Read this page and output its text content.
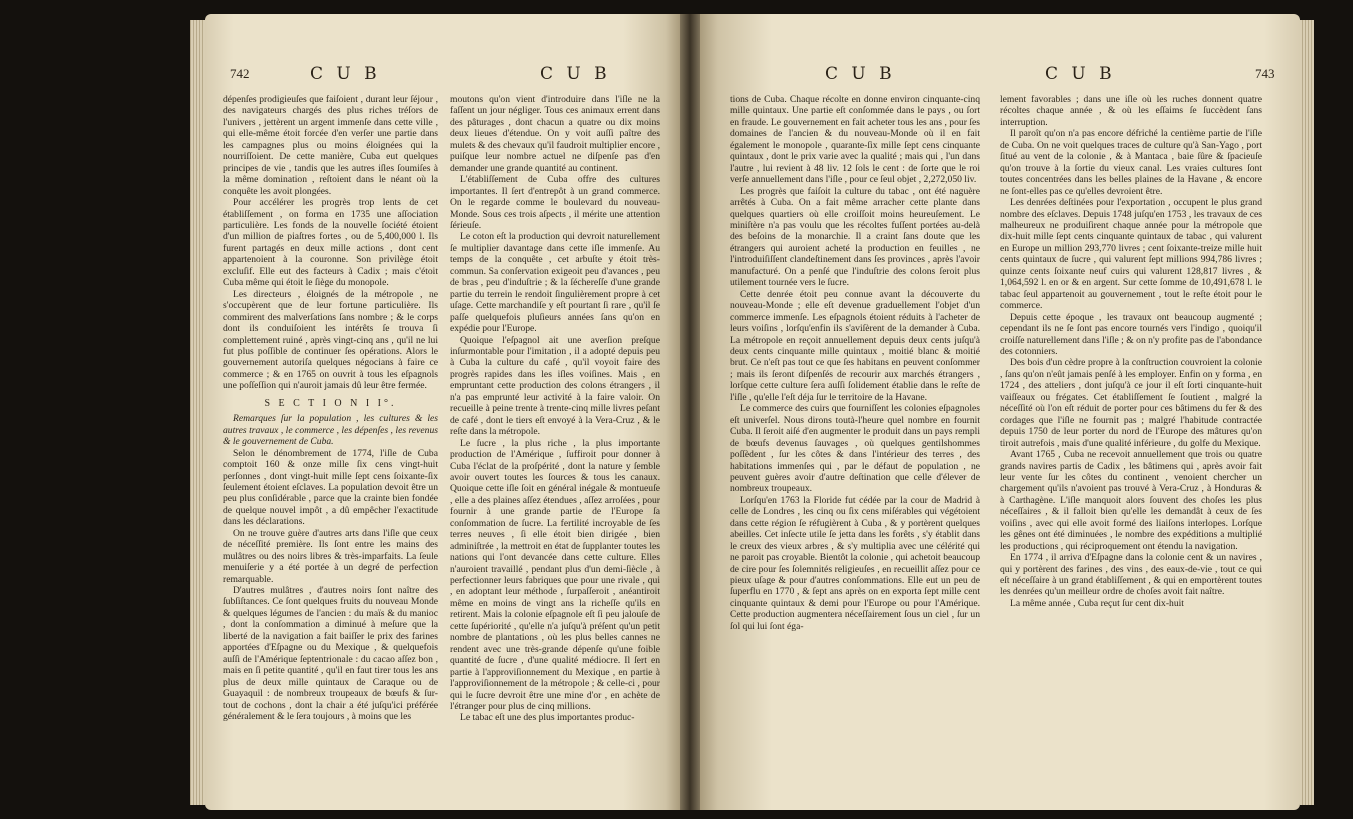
742	C U B	C U B

dépenſes prodigieuſes que faiſoient , durant leur ſéjour , des navigateurs chargés des plus riches tréſors de l'univers , jettèrent un argent immenſe dans cette ville , qui elle-même étoit forcée d'en verſer une partie dans les campagnes plus ou moins éloignées qui la nourriſſoient. De cette manière, Cuba eut quelques principes de vie , tandis que les autres iſles ſoumiſes à la même domination , reſtoient dans le néant où la conquête les avoit plongées.

Pour accélérer les progrès trop lents de cet établiſſement , on forma en 1735 une aſſociation particulière. Les fonds de la nouvelle ſociété étoient d'un million de piaſtres fortes , ou de 5,400,000 l. Ils furent partagés en deux mille actions , dont cent appartenoient à la couronne. Son privilège étoit excluſif. Elle eut des facteurs à Cadix ; mais c'étoit Cuba même qui étoit le ſiège du monopole.

Les directeurs , éloignés de la métropole , ne s'occupèrent que de leur fortune particulière. Ils commirent des malverſations ſans nombre ; & le corps dont ils conduiſoient les intérêts ſe trouva ſi complettement ruiné , après vingt-cinq ans , qu'il ne lui fut plus poſſible de continuer ſes opérations. Alors le gouvernement autoriſa quelques négocians à faire ce commerce ; & en 1765 on ouvrit à tous les eſpagnols une poſſeſſion qui n'auroit jamais dû leur être fermée.

S E C T I O N I I°.

Remarques ſur la population , les cultures & les autres travaux , le commerce , les dépenſes , les revenus & le gouvernement de Cuba.

Selon le dénombrement de 1774, l'iſle de Cuba comptoit 160 & onze mille ſix cens vingt-huit perſonnes , dont vingt-huit mille ſept cens ſoixante-ſix ſeulement étoient eſclaves. La population devoit être un peu plus conſidérable , parce que la crainte bien fondée de quelque nouvel impôt , a dû empêcher l'exactitude dans les déclarations.

On ne trouve guère d'autres arts dans l'iſle que ceux de néceſſité première. Ils ſont entre les mains des mulâtres ou des noirs libres & très-imparfaits. La ſeule menuiſerie y a été portée à un degré de perfection remarquable.

D'autres mulâtres , d'autres noirs ſont naître des ſubſiſtances. Ce ſont quelques fruits du nouveau Monde & quelques légumes de l'ancien : du maïs & du manioc , dont la conſommation a diminué à meſure que la liberté de la navigation a fait baiſſer le prix des farines apportées d'Eſpagne ou du Mexique , & quelquefois auſſi de l'Amérique ſeptentrionale : du cacao aſſez bon , mais en ſi petite quantité , qu'il en faut tirer tous les ans plus de deux mille quintaux de Caraque ou de Guayaquil : de nombreux troupeaux de bœufs & ſur-tout de cochons , dont la chair a été juſqu'ici préférée généralement & le ſera toujours , à moins que les

moutons qu'on vient d'introduire dans l'iſle ne la faſſent un jour négliger. Tous ces animaux errent dans des pâturages , dont chacun a quatre ou dix moins deux lieues d'étendue. On y voit auſſi paître des mulets & des chevaux qu'il faudroit multiplier encore , puiſque leur nombre actuel ne diſpenſe pas d'en demander une grande quantité au continent.

L'établiſſement de Cuba offre des cultures importantes. Il ſert d'entrepôt à un grand commerce. On le regarde comme le boulevard du nouveau-Monde. Sous ces trois aſpects , il mérite une attention ſérieuſe.

Le coton eſt la production qui devroit naturellement ſe multiplier davantage dans cette iſle immenſe. Au temps de la conquête , cet arbuſte y étoit très-commun. Sa conſervation exigeoit peu d'avances , peu de bras , peu d'induſtrie ; & la ſéchereſſe d'une grande partie du terrein le rendoit ſingulièrement propre à cet uſage. Cette marchandiſe y eſt pourtant ſi rare , qu'il ſe paſſe quelquefois pluſieurs années ſans qu'on en expédie pour l'Europe.

Quoique l'eſpagnol ait une averſion preſque inſurmontable pour l'imitation , il a adopté depuis peu à Cuba la culture du café , qu'il voyoit faire des progrès rapides dans les iſles voiſines. Mais , en empruntant cette production des colons étrangers , il n'a pas emprunté leur activité à la faire valoir. On recueille à peine trente à trente-cinq mille livres peſant de café , dont le tiers eſt envoyé à la Vera-Cruz , & le reſte dans la métropole.

Le ſucre , la plus riche , la plus importante production de l'Amérique , ſuffiroit pour donner à Cuba l'éclat de la proſpérité , dont la nature y ſemble avoir ouvert toutes les ſources & tous les canaux. Quoique cette iſle ſoit en général inégale & montueuſe , elle a des plaines aſſez étendues , aſſez arroſées , pour fournir à une grande partie de l'Europe ſa conſommation de ſucre. La fertilité incroyable de ſes terres neuves , ſi elle étoit bien dirigée , bien adminiſtrée , la mettroit en état de ſupplanter toutes les nations qui l'ont devancée dans cette culture. Elles n'auroient travaillé , pendant plus d'un demi-ſiècle , à perfectionner leurs fabriques que pour une rivale , qui , en adoptant leur méthode , ſurpaſſeroit , anéantiroit même en moins de vingt ans la richeſſe qu'ils en retirent. Mais la colonie eſpagnole eſt ſi peu jalouſe de cette ſupériorité , qu'elle n'a juſqu'à préſent qu'un petit nombre de plantations , où les plus belles cannes ne rendent avec une très-grande dépenſe qu'une foible quantité de ſucre , d'une qualité médiocre. Il ſert en partie à l'approviſionnement du Mexique , en partie à l'approviſionnement de la métropole ; & celle-ci , pour qui le ſucre devroit être une mine d'or , en achète de l'étranger pour plus de cinq millions.

Le tabac eſt une des plus importantes produc-

C U B	C U B	743

tions de Cuba. Chaque récolte en donne environ cinquante-cinq mille quintaux. Une partie eſt conſommée dans le pays , ou ſort en fraude. Le gouvernement en fait acheter tous les ans , pour ſes domaines de l'ancien & du nouveau-Monde où il en fait également le monopole , quarante-ſix mille ſept cens cinquante quintaux , dont le prix varie avec la qualité ; mais qui , l'un dans l'autre , lui revient à 48 liv. 12 ſols le cent : de ſorte que le roi verſe annuellement dans l'iſle , pour ce ſeul objet , 2,272,050 liv.

Les progrès que faiſoit la culture du tabac , ont été naguère arrêtés à Cuba. On a fait même arracher cette plante dans quelques quartiers où elle croiſſoit moins heureuſement. Le miniſtère n'a pas voulu que les récoltes fuſſent portées au-delà des beſoins de la monarchie. Il a craint ſans doute que les étrangers qui auroient acheté la production en feuilles , ne l'introduiſiſſent clandeſtinement dans ſes provinces , après l'avoir manufacturé. On a penſé que l'induſtrie des colons ſeroit plus utilement tournée vers le ſucre.

Cette denrée étoit peu connue avant la découverte du nouveau-Monde ; elle eſt devenue graduellement l'objet d'un commerce immenſe. Les eſpagnols étoient réduits à l'acheter de leurs voiſins , lorſqu'enfin ils s'aviſèrent de la demander à Cuba. La métropole en reçoit annuellement depuis deux cents juſqu'à deux cents cinquante mille quintaux , moitié blanc & moitié brut. Ce n'eſt pas tout ce que ſes habitans en peuvent conſommer ; mais ils ſeront diſpenſés de recourir aux marchés étrangers , lorſque cette culture ſera auſſi ſolidement établie dans le reſte de l'iſle , qu'elle l'eſt déja ſur le territoire de la Havane.

Le commerce des cuirs que fourniſſent les colonies eſpagnoles eſt univerſel. Nous dirons toutà-l'heure quel nombre en fournit Cuba. Il ſeroit aiſé d'en augmenter le produit dans un pays rempli de bœufs devenus ſauvages , où quelques gentilshommes poſſèdent , ſur les côtes & dans l'intérieur des terres , des habitations immenſes qui , par le défaut de population , ne peuvent guères avoir d'autre deſtination que celle d'élever de nombreux troupeaux.

Lorſqu'en 1763 la Floride fut cédée par la cour de Madrid à celle de Londres , les cinq ou ſix cens miſérables qui végétoient dans cette région ſe réfugièrent à Cuba , & y portèrent quelques abeilles. Cet inſecte utile ſe jetta dans les forêts , s'y établit dans le creux des vieux arbres , & s'y multiplia avec une célérité qui ne paroit pas croyable. Bientôt la colonie , qui achetoit beaucoup de cire pour ſes ſolemnités religieuſes , en recueillit aſſez pour ce pieux uſage & pour d'autres conſommations. Elle eut un peu de ſuperflu en 1770 , & ſept ans après on en exporta ſept mille cent cinquante quintaux & demi pour l'Europe ou pour l'Amérique. Cette production augmentera néceſſairement ſous un ciel , ſur un ſol qui lui ſont éga-

lement favorables ; dans une iſle où les ruches donnent quatre récoltes chaque année , & où les eſſaims ſe ſuccèdent ſans interruption.

Il paroît qu'on n'a pas encore défriché la centième partie de l'iſle de Cuba. On ne voit quelques traces de culture qu'à San-Yago , port ſitué au vent de la colonie , & à Mantaca , baie ſûre & ſpacieuſe qu'on trouve à la ſortie du vieux canal. Les vraies cultures ſont toutes concentrées dans les belles plaines de la Havane , & encore ne ſont-elles pas ce qu'elles devroient être.

Les denrées deſtinées pour l'exportation , occupent le plus grand nombre des eſclaves. Depuis 1748 juſqu'en 1753 , les travaux de ces malheureux ne produiſirent chaque année pour la métropole que dix-huit mille ſept cents cinquante quintaux de tabac , qui valurent en Europe un million 293,770 livres ; cent ſoixante-treize mille huit cents quintaux de ſucre , qui valurent ſept millions 994,786 livres ; quinze cents ſoixante neuf cuirs qui valurent 128,817 livres , & 1,064,592 l. en or & en argent. Sur cette ſomme de 10,491,678 l. le tabac ſeul appartenoit au gouvernement , tout le reſte étoit pour le commerce.

Depuis cette époque , les travaux ont beaucoup augmenté ; cependant ils ne ſe ſont pas encore tournés vers l'indigo , quoiqu'il croiſſe naturellement dans l'iſle ; & on n'y profite pas de l'abondance des cotonniers.

Des bois d'un cèdre propre à la conſtruction couvroient la colonie , ſans qu'on n'eût jamais penſé à les employer. Enfin on y forma , en 1724 , des atteliers , dont juſqu'à ce jour il eſt ſorti cinquante-huit vaiſſeaux ou frégates. Cet établiſſement ſe ſoutient , malgré la néceſſité où l'on eſt réduit de porter pour ces bâtimens du fer & des cordages que l'iſle ne fournit pas ; malgré l'habitude contractée depuis 1750 de leur porter du nord de l'Europe des mâtures qu'on tiroit autrefois , mais d'une qualité inférieure , du golfe du Mexique.

Avant 1765 , Cuba ne recevoit annuellement que trois ou quatre grands navires partis de Cadix , les bâtimens qui , après avoir fait leur vente ſur les côtes du continent , venoient chercher un chargement qu'ils n'avoient pas trouvé à Vera-Cruz , à Honduras & à Carthagène. L'iſle manquoit alors ſouvent des choſes les plus néceſſaires , & il falloit bien qu'elle les demandât à ceux de ſes voiſins , avec qui elle avoit formé des liaiſons interlopes. Lorſque les gênes ont été diminuées , le nombre des expéditions a multiplié les productions , qui réciproquement ont étendu la navigation.

En 1774 , il arriva d'Eſpagne dans la colonie cent & un navires , qui y portèrent des farines , des vins , des eaux-de-vie , tout ce qui eſt néceſſaire à un grand établiſſement , & qui en emportèrent toutes les denrées qu'un meilleur ordre de choſes avoit fait naître.

La même année , Cuba reçut ſur cent dix-huit
